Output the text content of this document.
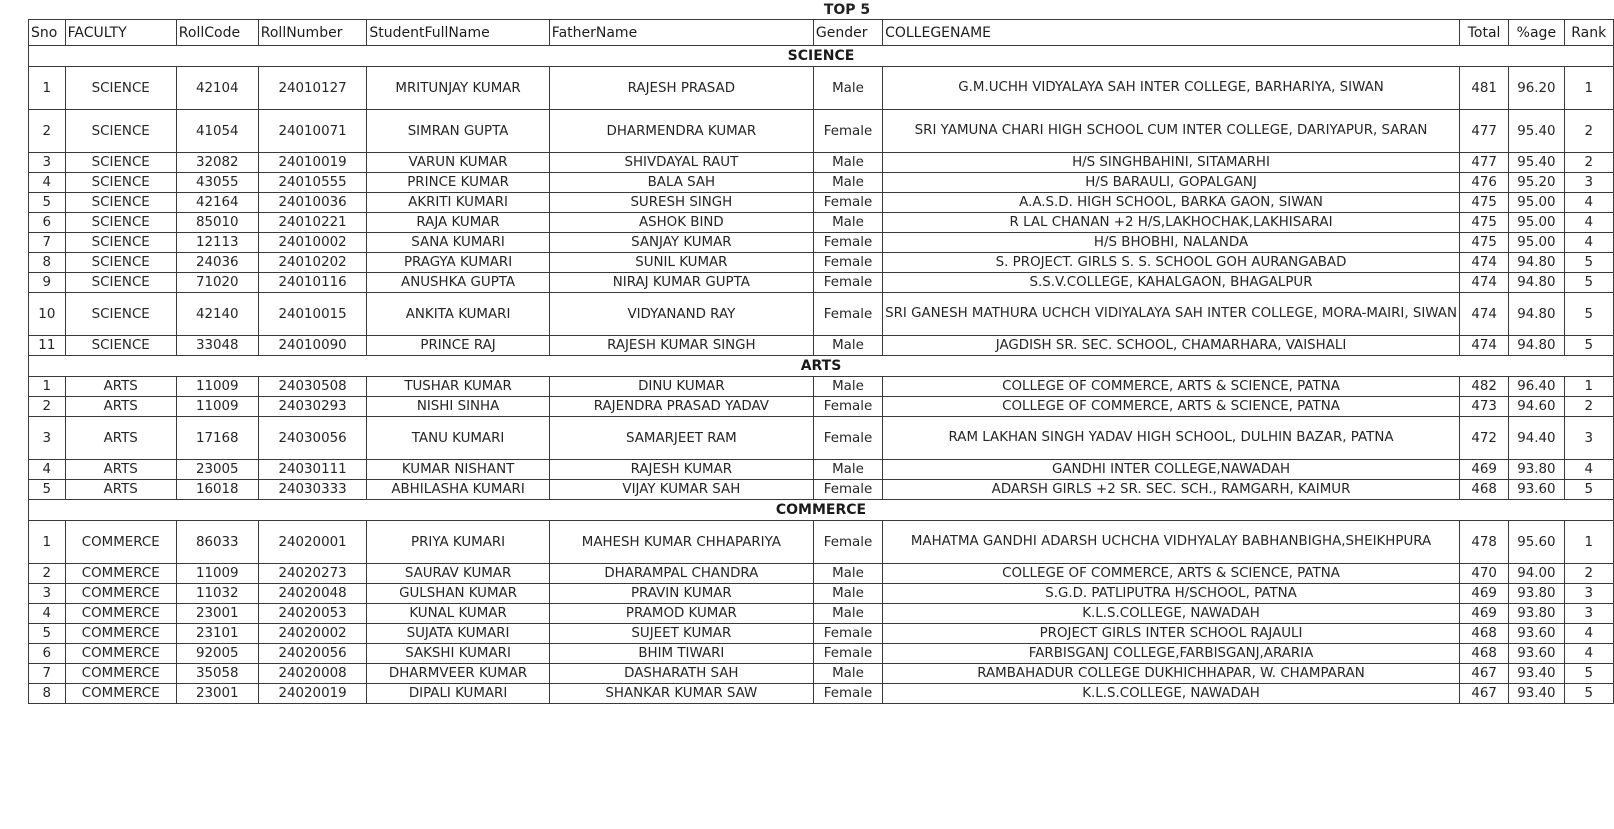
TOP 5
Sno	FACULTY	RollCode	RollNumber	StudentFullName	FatherName	Gender	COLLEGENAME	Total	%age	Rank
SCIENCE										
1	SCIENCE	42104	24010127	MRITUNJAY KUMAR	RAJESH PRASAD	Male	G.M.UCHH VIDYALAYA SAH INTER COLLEGE, BARHARIYA, SIWAN	481	96.20	1
2	SCIENCE	41054	24010071	SIMRAN GUPTA	DHARMENDRA KUMAR	Female	SRI YAMUNA CHARI HIGH SCHOOL CUM INTER COLLEGE, DARIYAPUR, SARAN	477	95.40	2
3	SCIENCE	32082	24010019	VARUN KUMAR	SHIVDAYAL RAUT	Male	H/S SINGHBAHINI, SITAMARHI	477	95.40	2
4	SCIENCE	43055	24010555	PRINCE KUMAR	BALA SAH	Male	H/S BARAULI, GOPALGANJ	476	95.20	3
5	SCIENCE	42164	24010036	AKRITI KUMARI	SURESH SINGH	Female	A.A.S.D. HIGH SCHOOL, BARKA GAON, SIWAN	475	95.00	4
6	SCIENCE	85010	24010221	RAJA KUMAR	ASHOK BIND	Male	R LAL CHANAN +2 H/S,LAKHOCHAK,LAKHISARAI	475	95.00	4
7	SCIENCE	12113	24010002	SANA KUMARI	SANJAY KUMAR	Female	H/S BHOBHI, NALANDA	475	95.00	4
8	SCIENCE	24036	24010202	PRAGYA KUMARI	SUNIL KUMAR	Female	S. PROJECT. GIRLS S. S. SCHOOL GOH AURANGABAD	474	94.80	5
9	SCIENCE	71020	24010116	ANUSHKA GUPTA	NIRAJ KUMAR GUPTA	Female	S.S.V.COLLEGE, KAHALGAON, BHAGALPUR	474	94.80	5
10	SCIENCE	42140	24010015	ANKITA KUMARI	VIDYANAND RAY	Female	SRI GANESH MATHURA UCHCH VIDIYALAYA SAH INTER COLLEGE, MORA-MAIRI, SIWAN	474	94.80	5
11	SCIENCE	33048	24010090	PRINCE RAJ	RAJESH KUMAR SINGH	Male	JAGDISH SR. SEC. SCHOOL, CHAMARHARA, VAISHALI	474	94.80	5
ARTS										
1	ARTS	11009	24030508	TUSHAR KUMAR	DINU KUMAR	Male	COLLEGE OF COMMERCE, ARTS & SCIENCE, PATNA	482	96.40	1
2	ARTS	11009	24030293	NISHI SINHA	RAJENDRA PRASAD YADAV	Female	COLLEGE OF COMMERCE, ARTS & SCIENCE, PATNA	473	94.60	2
3	ARTS	17168	24030056	TANU KUMARI	SAMARJEET RAM	Female	RAM LAKHAN SINGH YADAV HIGH SCHOOL, DULHIN BAZAR, PATNA	472	94.40	3
4	ARTS	23005	24030111	KUMAR NISHANT	RAJESH KUMAR	Male	GANDHI INTER COLLEGE,NAWADAH	469	93.80	4
5	ARTS	16018	24030333	ABHILASHA KUMARI	VIJAY KUMAR SAH	Female	ADARSH GIRLS +2 SR. SEC. SCH., RAMGARH, KAIMUR	468	93.60	5
COMMERCE										
1	COMMERCE	86033	24020001	PRIYA KUMARI	MAHESH KUMAR CHHAPARIYA	Female	MAHATMA GANDHI ADARSH UCHCHA VIDHYALAY BABHANBIGHA,SHEIKHPURA	478	95.60	1
2	COMMERCE	11009	24020273	SAURAV KUMAR	DHARAMPAL CHANDRA	Male	COLLEGE OF COMMERCE, ARTS & SCIENCE, PATNA	470	94.00	2
3	COMMERCE	11032	24020048	GULSHAN KUMAR	PRAVIN KUMAR	Male	S.G.D. PATLIPUTRA H/SCHOOL, PATNA	469	93.80	3
4	COMMERCE	23001	24020053	KUNAL KUMAR	PRAMOD KUMAR	Male	K.L.S.COLLEGE, NAWADAH	469	93.80	3
5	COMMERCE	23101	24020002	SUJATA KUMARI	SUJEET KUMAR	Female	PROJECT GIRLS INTER SCHOOL RAJAULI	468	93.60	4
6	COMMERCE	92005	24020056	SAKSHI KUMARI	BHIM TIWARI	Female	FARBISGANJ COLLEGE,FARBISGANJ,ARARIA	468	93.60	4
7	COMMERCE	35058	24020008	DHARMVEER KUMAR	DASHARATH SAH	Male	RAMBAHADUR COLLEGE DUKHICHHAPAR, W. CHAMPARAN	467	93.40	5
8	COMMERCE	23001	24020019	DIPALI KUMARI	SHANKAR KUMAR SAW	Female	K.L.S.COLLEGE, NAWADAH	467	93.40	5
